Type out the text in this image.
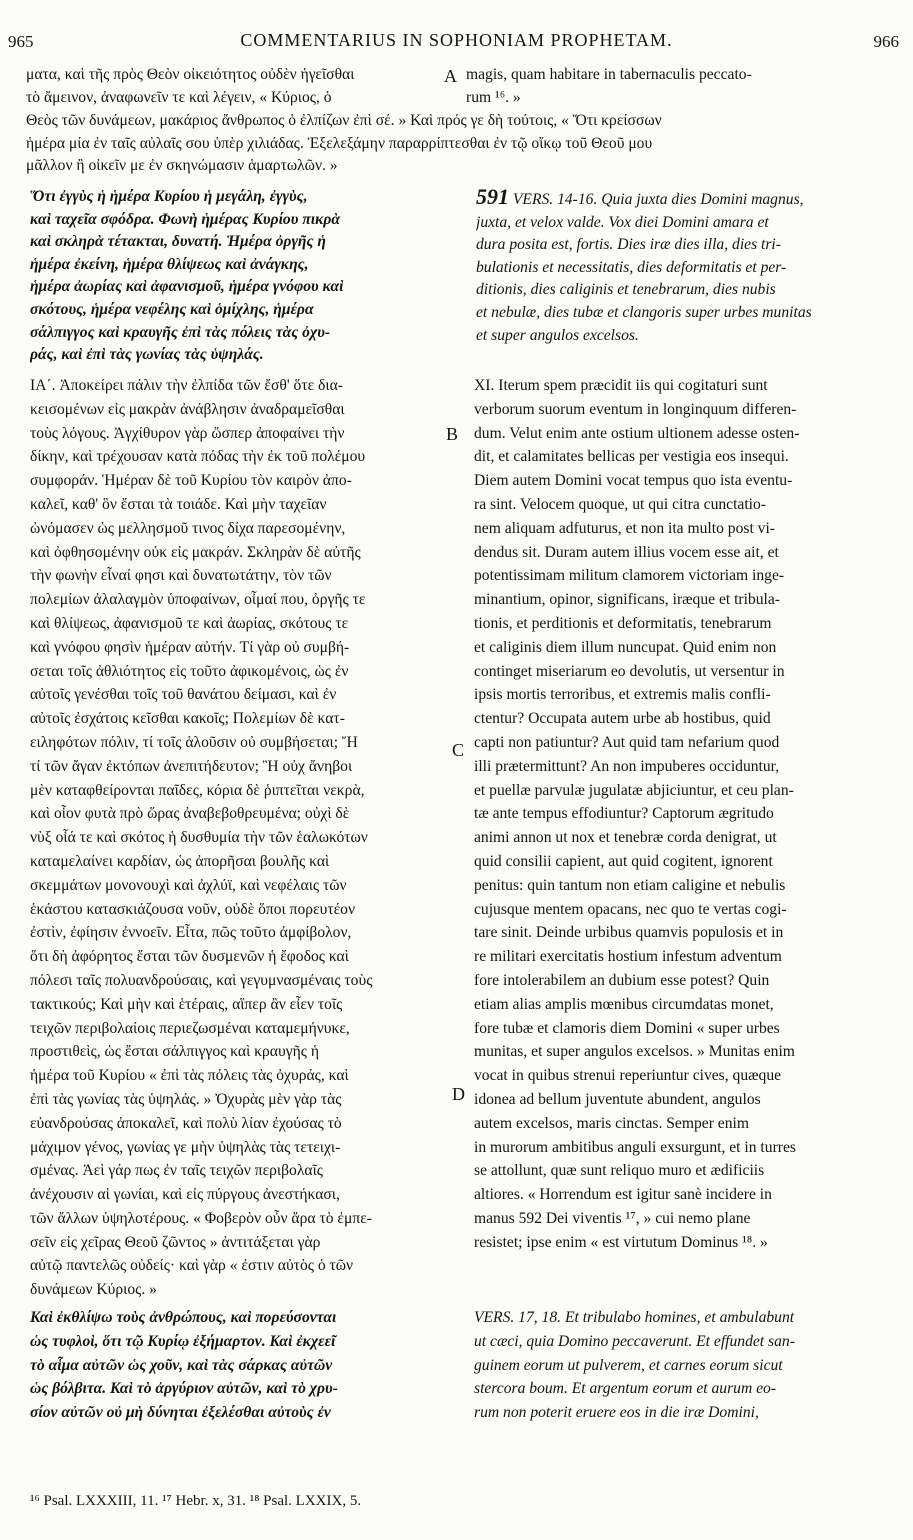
965	COMMENTARIUS IN SOPHONIAM PROPHETAM.	966
A
B
C
D
ματα, καὶ τῆς πρὸς Θεὸν οἰκειότητος οὐδὲν ἡγεῖσθαι
τὸ ἄμεινον, ἀναφωνεῖν τε καὶ λέγειν, « Κύριος, ὁ
magis, quam habitare in tabernaculis peccato-
rum ¹⁶. »
Θεὸς τῶν δυνάμεων, μακάριος ἄνθρωπος ὁ ἐλπίζων ἐπὶ σέ. » Καὶ πρός γε δὴ τούτοις, « Ὅτι κρείσσων
ἡμέρα μία ἐν ταῖς αὐλαῖς σου ὑπὲρ χιλιάδας. Ἐξελεξάμην παραρρίπτεσθαι ἐν τῷ οἴκῳ τοῦ Θεοῦ μου
μᾶλλον ἢ οἰκεῖν με ἐν σκηνώμασιν ἁμαρτωλῶν. »
Ὅτι ἐγγὺς ἡ ἡμέρα Κυρίου ἡ μεγάλη, ἐγγὺς,
καὶ ταχεῖα σφόδρα. Φωνὴ ἡμέρας Κυρίου πικρὰ
καὶ σκληρὰ τέτακται, δυνατή. Ἡμέρα ὀργῆς ἡ
ἡμέρα ἐκείνη, ἡμέρα θλίψεως καὶ ἀνάγκης,
ἡμέρα ἀωρίας καὶ ἀφανισμοῦ, ἡμέρα γνόφου καὶ
σκότους, ἡμέρα νεφέλης καὶ ὁμίχλης, ἡμέρα
σάλπιγγος καὶ κραυγῆς ἐπὶ τὰς πόλεις τὰς ὀχυ-
ράς, καὶ ἐπὶ τὰς γωνίας τὰς ὑψηλάς.
591 VERS. 14-16. Quia juxta dies Domini magnus,
juxta, et velox valde. Vox diei Domini amara et
dura posita est, fortis. Dies iræ dies illa, dies tri-
bulationis et necessitatis, dies deformitatis et per-
ditionis, dies caliginis et tenebrarum, dies nubis
et nebulæ, dies tubæ et clangoris super urbes munitas
et super angulos excelsos.
ΙΑ΄. Ἀποκείρει πάλιν τὴν ἐλπίδα τῶν ἔσθ' ὅτε δια-
κεισομένων εἰς μακρὰν ἀνάβλησιν ἀναδραμεῖσθαι
τοὺς λόγους. Ἀγχίθυρον γὰρ ὥσπερ ἀποφαίνει τὴν
δίκην, καὶ τρέχουσαν κατὰ πόδας τὴν ἐκ τοῦ πολέμου
συμφοράν. Ἡμέραν δὲ τοῦ Κυρίου τὸν καιρὸν ἀπο-
καλεῖ, καθ' ὃν ἔσται τὰ τοιάδε. Καὶ μὴν ταχεῖαν
ὠνόμασεν ὡς μελλησμοῦ τινος δίχα παρεσομένην,
καὶ ὀφθησομένην οὐκ εἰς μακράν. Σκληρὰν δὲ αὐτῆς
τὴν φωνὴν εἶναί φησι καὶ δυνατωτάτην, τὸν τῶν
πολεμίων ἀλαλαγμὸν ὑποφαίνων, οἶμαί που, ὀργῆς τε
καὶ θλίψεως, ἀφανισμοῦ τε καὶ ἀωρίας, σκότους τε
καὶ γνόφου φησὶν ἡμέραν αὐτήν. Τί γὰρ οὐ συμβή-
σεται τοῖς ἀθλιότητος εἰς τοῦτο ἀφικομένοις, ὡς ἐν
αὐτοῖς γενέσθαι τοῖς τοῦ θανάτου δείμασι, καὶ ἐν
αὐτοῖς ἐσχάτοις κεῖσθαι κακοῖς; Πολεμίων δὲ κατ-
ειληφότων πόλιν, τί τοῖς ἁλοῦσιν οὐ συμβήσεται; Ἤ
τί τῶν ἄγαν ἐκτόπων ἀνεπιτήδευτον; Ἢ οὐχ ἄνηβοι
μὲν καταφθείρονται παῖδες, κόρια δὲ ῥιπτεῖται νεκρὰ,
καὶ οἷον φυτὰ πρὸ ὥρας ἀναβεβοθρευμένα; οὐχὶ δὲ
νὺξ οἷά τε καὶ σκότος ἡ δυσθυμία τὴν τῶν ἑαλωκότων
καταμελαίνει καρδίαν, ὡς ἀπορῆσαι βουλῆς καὶ
σκεμμάτων μονονουχὶ καὶ ἀχλύϊ, καὶ νεφέλαις τῶν
ἑκάστου κατασκιάζουσα νοῦν, οὐδὲ ὅποι πορευτέον
ἐστὶν, ἐφίησιν ἐννοεῖν. Εἶτα, πῶς τοῦτο ἀμφίβολον,
ὅτι δὴ ἀφόρητος ἔσται τῶν δυσμενῶν ἡ ἔφοδος καὶ
πόλεσι ταῖς πολυανδρούσαις, καὶ γεγυμνασμέναις τοὺς
τακτικούς; Καὶ μὴν καὶ ἑτέραις, αἵπερ ἂν εἶεν τοῖς
τειχῶν περιβολαίοις περιεζωσμέναι καταμεμήνυκε,
προστιθεὶς, ὡς ἔσται σάλπιγγος καὶ κραυγῆς ἡ
ἡμέρα τοῦ Κυρίου « ἐπὶ τὰς πόλεις τὰς ὀχυράς, καὶ
ἐπὶ τὰς γωνίας τὰς ὑψηλάς. » Ὀχυρὰς μὲν γὰρ τὰς
εὐανδρούσας ἀποκαλεῖ, καὶ πολὺ λίαν ἐχούσας τὸ
μάχιμον γένος, γωνίας γε μὴν ὑψηλὰς τὰς τετειχι-
σμένας. Ἀεὶ γάρ πως ἐν ταῖς τειχῶν περιβολαῖς
ἀνέχουσιν αἱ γωνίαι, καὶ εἰς πύργους ἀνεστήκασι,
τῶν ἄλλων ὑψηλοτέρους. « Φοβερὸν οὖν ἄρα τὸ ἐμπε-
σεῖν εἰς χεῖρας Θεοῦ ζῶντος » ἀντιτάξεται γὰρ
αὐτῷ παντελῶς οὐδείς· καὶ γὰρ « ἐστιν αὐτὸς ὁ τῶν
δυνάμεων Κύριος. »
XI. Iterum spem præcidit iis qui cogitaturi sunt
verborum suorum eventum in longinquum differen-
dum. Velut enim ante ostium ultionem adesse osten-
dit, et calamitates bellicas per vestigia eos insequi.
Diem autem Domini vocat tempus quo ista eventu-
ra sint. Velocem quoque, ut qui citra cunctatio-
nem aliquam adfuturus, et non ita multo post vi-
dendus sit. Duram autem illius vocem esse ait, et
potentissimam militum clamorem victoriam inge-
minantium, opinor, significans, iræque et tribula-
tionis, et perditionis et deformitatis, tenebrarum
et caliginis diem illum nuncupat. Quid enim non
continget miseriarum eo devolutis, ut versentur in
ipsis mortis terroribus, et extremis malis confli-
ctentur? Occupata autem urbe ab hostibus, quid
capti non patiuntur? Aut quid tam nefarium quod
illi prætermittunt? An non impuberes occiduntur,
et puellæ parvulæ jugulatæ abjiciuntur, et ceu plan-
tæ ante tempus effodiuntur? Captorum ægritudo
animi annon ut nox et tenebræ corda denigrat, ut
quid consilii capient, aut quid cogitent, ignorent
penitus: quin tantum non etiam caligine et nebulis
cujusque mentem opacans, nec quo te vertas cogi-
tare sinit. Deinde urbibus quamvis populosis et in
re militari exercitatis hostium infestum adventum
fore intolerabilem an dubium esse potest? Quin
etiam alias amplis mœnibus circumdatas monet,
fore tubæ et clamoris diem Domini « super urbes
munitas, et super angulos excelsos. » Munitas enim
vocat in quibus strenui reperiuntur cives, quæque
idonea ad bellum juventute abundent, angulos
autem excelsos, maris cinctas. Semper enim
in murorum ambitibus anguli exsurgunt, et in turres
se attollunt, quæ sunt reliquo muro et ædificiis
altiores. « Horrendum est igitur sanè incidere in
manus 592 Dei viventis ¹⁷, » cui nemo plane
resistet; ipse enim « est virtutum Dominus ¹⁸. »
Καὶ ἐκθλίψω τοὺς ἀνθρώπους, καὶ πορεύσονται
ὡς τυφλοὶ, ὅτι τῷ Κυρίῳ ἐξήμαρτον. Καὶ ἐκχεεῖ
τὸ αἷμα αὐτῶν ὡς χοῦν, καὶ τὰς σάρκας αὐτῶν
ὡς βόλβιτα. Καὶ τὸ ἀργύριον αὐτῶν, καὶ τὸ χρυ-
σίον αὐτῶν οὐ μὴ δύνηται ἐξελέσθαι αὐτοὺς ἐν
VERS. 17, 18. Et tribulabo homines, et ambulabunt
ut cæci, quia Domino peccaverunt. Et effundet san-
guinem eorum ut pulverem, et carnes eorum sicut
stercora boum. Et argentum eorum et aurum eo-
rum non poterit eruere eos in die iræ Domini,
¹⁶ Psal. LXXXIII, 11. ¹⁷ Hebr. x, 31. ¹⁸ Psal. LXXIX, 5.
